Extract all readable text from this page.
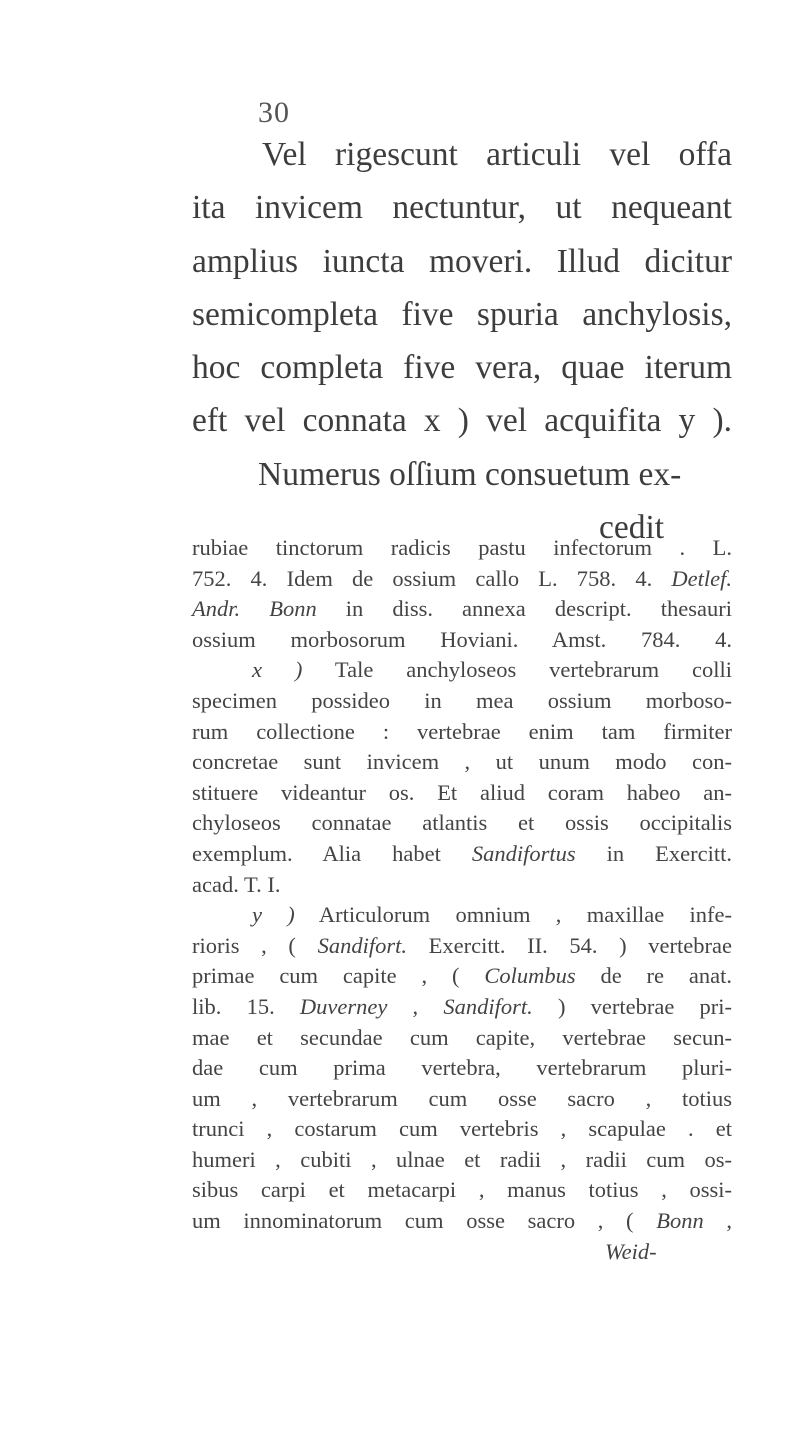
30
Vel rigescunt articuli vel offa
ita invicem nectuntur, ut nequeant
amplius iuncta moveri. Illud dicitur
semicompleta five spuria anchylosis,
hoc completa five vera, quae iterum
eft vel connata x ) vel acquifita y ).
Numerus oſſium consuetum ex-
cedit
rubiae tinctorum radicis pastu infectorum . L.
752. 4. Idem de ossium callo L. 758. 4. Detlef.
Andr. Bonn in diss. annexa descript. thesauri
ossium morbosorum Hoviani. Amst. 784. 4.
x ) Tale anchyloseos vertebrarum colli
specimen possideo in mea ossium morboso-
rum collectione : vertebrae enim tam firmiter
concretae sunt invicem , ut unum modo con-
stituere videantur os. Et aliud coram habeo an-
chyloseos connatae atlantis et ossis occipitalis
exemplum. Alia habet Sandifortus in Exercitt.
acad. T. I.
y ) Articulorum omnium , maxillae infe-
rioris , ( Sandifort. Exercitt. II. 54. ) vertebrae
primae cum capite , ( Columbus de re anat.
lib. 15. Duverney , Sandifort. ) vertebrae pri-
mae et secundae cum capite, vertebrae secun-
dae cum prima vertebra, vertebrarum pluri-
um , vertebrarum cum osse sacro , totius
trunci , costarum cum vertebris , scapulae . et
humeri , cubiti , ulnae et radii , radii cum os-
sibus carpi et metacarpi , manus totius , ossi-
um innominatorum cum osse sacro , ( Bonn ,
Weid-
